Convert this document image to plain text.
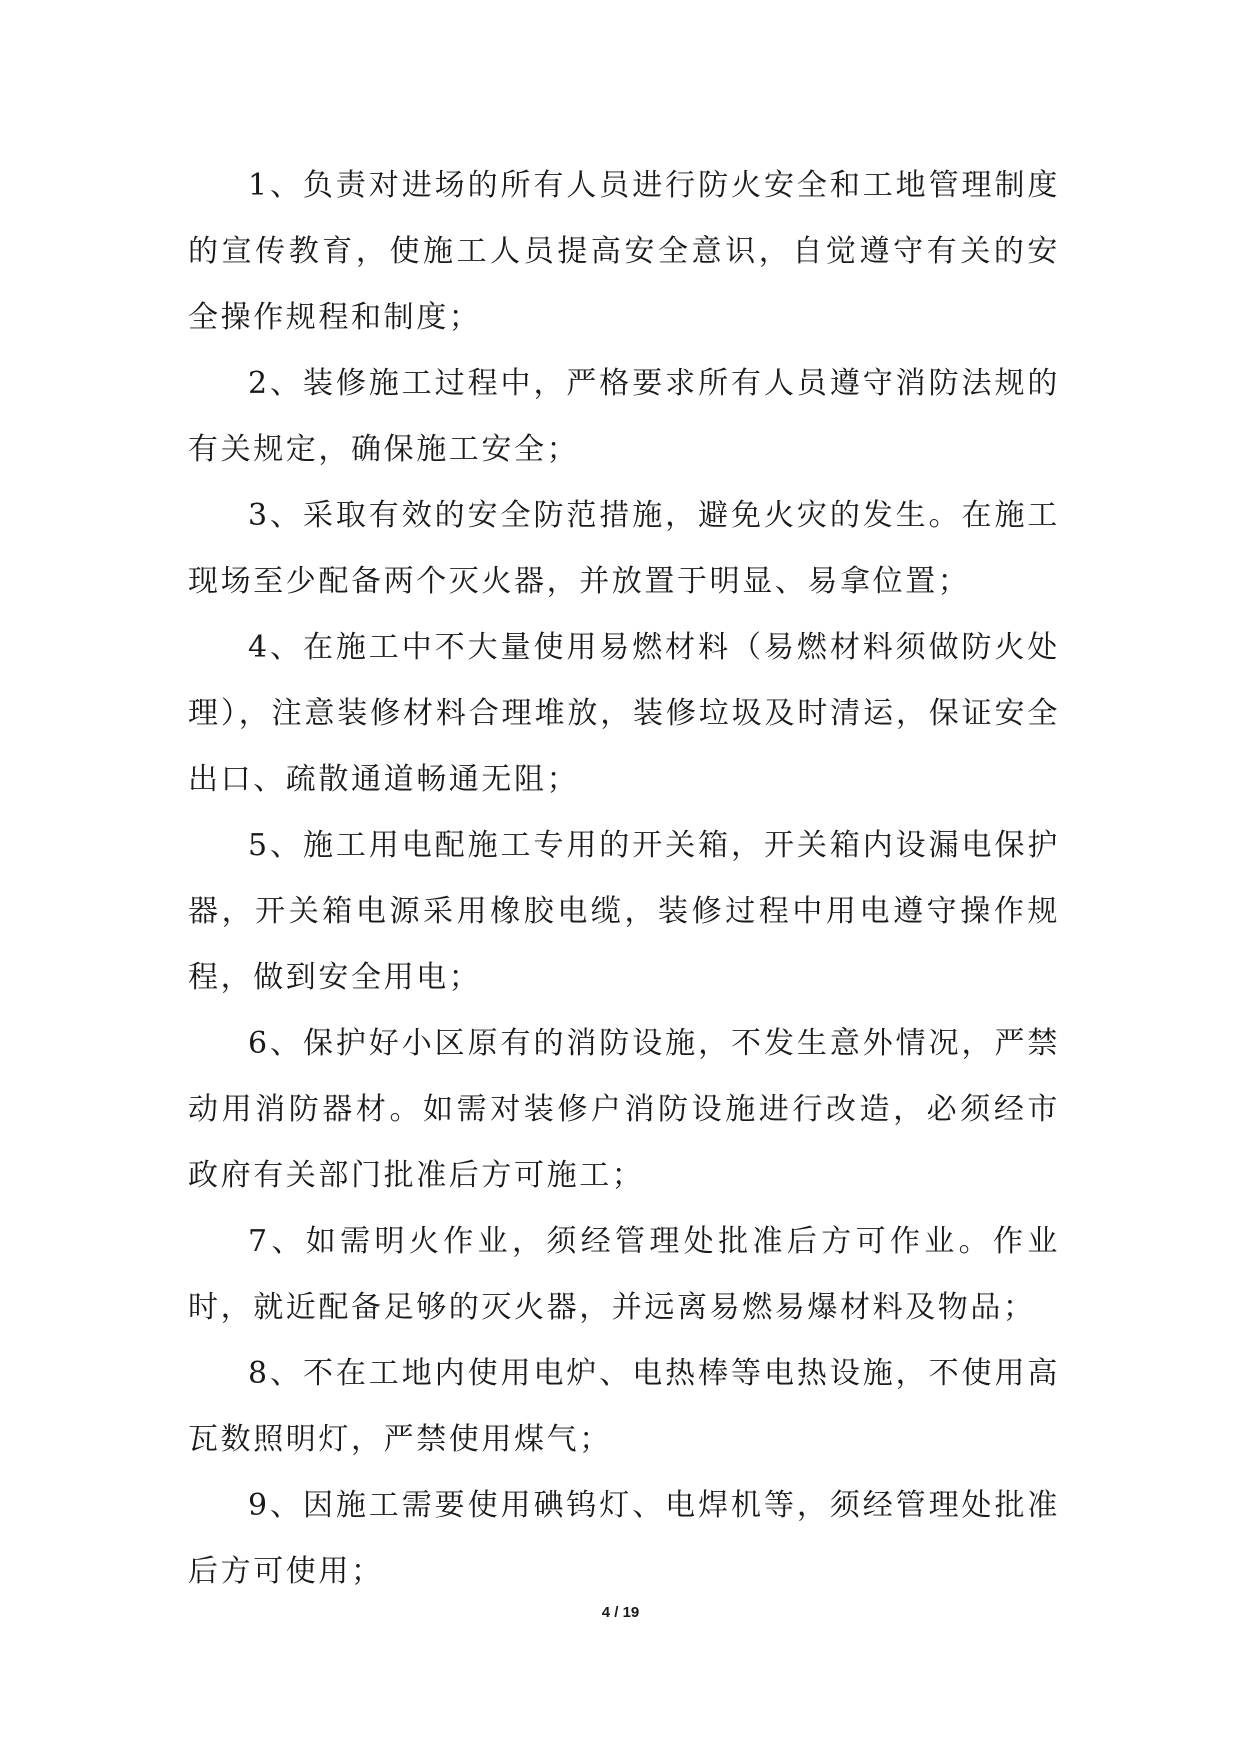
1、负责对进场的所有人员进行防火安全和工地管理制度的宣传教育，使施工人员提高安全意识，自觉遵守有关的安全操作规程和制度；

2、装修施工过程中，严格要求所有人员遵守消防法规的有关规定，确保施工安全；

3、采取有效的安全防范措施，避免火灾的发生。在施工现场至少配备两个灭火器，并放置于明显、易拿位置；

4、在施工中不大量使用易燃材料（易燃材料须做防火处理），注意装修材料合理堆放，装修垃圾及时清运，保证安全出口、疏散通道畅通无阻；

5、施工用电配施工专用的开关箱，开关箱内设漏电保护器，开关箱电源采用橡胶电缆，装修过程中用电遵守操作规程，做到安全用电；

6、保护好小区原有的消防设施，不发生意外情况，严禁动用消防器材。如需对装修户消防设施进行改造，必须经市政府有关部门批准后方可施工；

7、如需明火作业，须经管理处批准后方可作业。作业时，就近配备足够的灭火器，并远离易燃易爆材料及物品；

8、不在工地内使用电炉、电热棒等电热设施，不使用高瓦数照明灯，严禁使用煤气；

9、因施工需要使用碘钨灯、电焊机等，须经管理处批准后方可使用；

4 / 19
